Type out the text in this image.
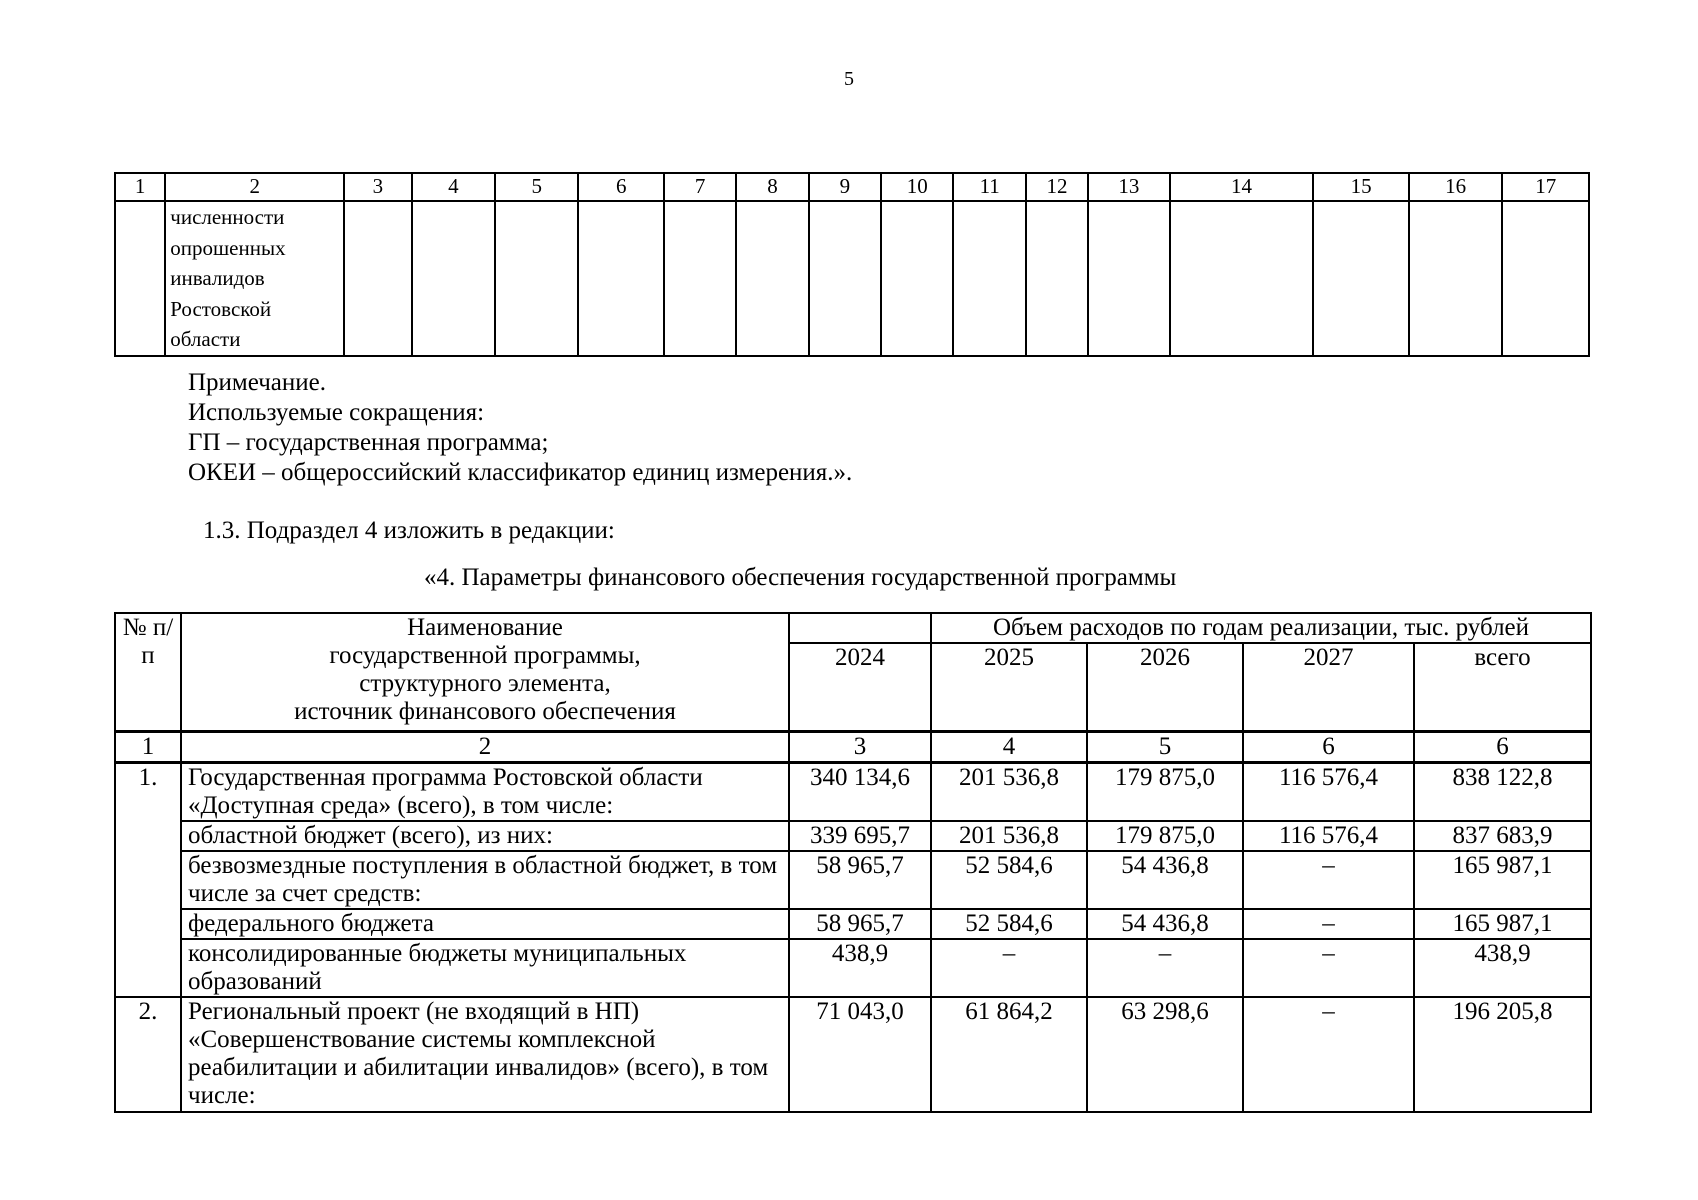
5
1	2	3	4	5	6	7	8	9	10	11	12	13	14	15	16	17

	численности
опрошенных
инвалидов
Ростовской
области															

Примечание.
Используемые сокращения:
ГП – государственная программа;
ОКЕИ – общероссийский классификатор единиц измерения.».
1.3. Подраздел 4 изложить в редакции:
«4. Параметры финансового обеспечения государственной программы
№ п/п	Наименование
государственной программы,
структурного элемента,
источник финансового обеспечения		Объем расходов по годам реализации, тыс. рублей			
		2024	2025	2026	2027	всего
1	2	3	4	5	6	6
1.	Государственная программа Ростовской области «Доступная среда» (всего), в том числе:	340 134,6	201 536,8	179 875,0	116 576,4	838 122,8
	областной бюджет (всего), из них:	339 695,7	201 536,8	179 875,0	116 576,4	837 683,9
	безвозмездные поступления в областной бюджет, в том числе за счет средств:	58 965,7	52 584,6	54 436,8	–	165 987,1
	федерального бюджета	58 965,7	52 584,6	54 436,8	–	165 987,1
	консолидированные бюджеты муниципальных образований	438,9	–	–	–	438,9
2.	Региональный проект (не входящий в НП) «Совершенствование системы комплексной реабилитации и абилитации инвалидов» (всего), в том числе:	71 043,0	61 864,2	63 298,6	–	196 205,8
